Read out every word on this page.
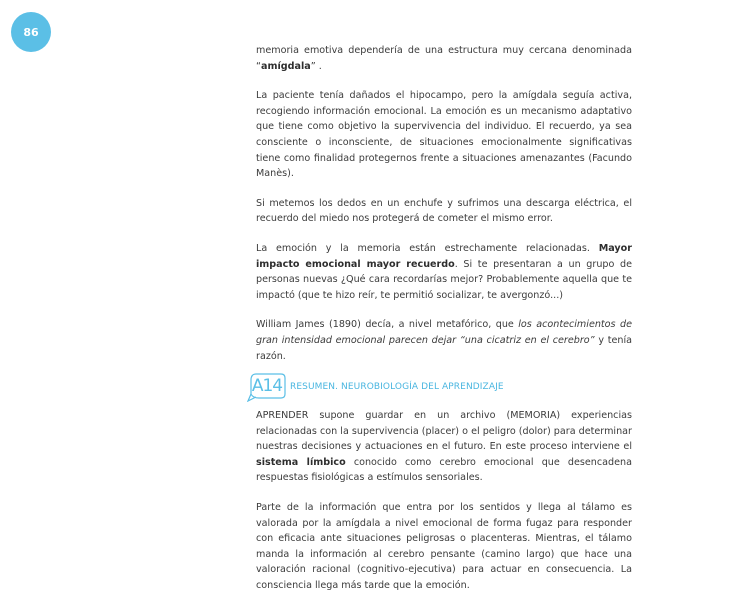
86

memoria emotiva dependería de una estructura muy cercana denominada “amígdala” .

La paciente tenía dañados el hipocampo, pero la amígdala seguía activa, recogiendo información emocional. La emoción es un mecanismo adaptativo que tiene como objetivo la supervivencia del individuo. El recuerdo, ya sea consciente o inconsciente, de situaciones emocionalmente significativas tiene como finalidad protegernos frente a situaciones amenazantes (Facundo Manès).

Si metemos los dedos en un enchufe y sufrimos una descarga eléctrica, el recuerdo del miedo nos protegerá de cometer el mismo error.

La emoción y la memoria están estrechamente relacionadas. Mayor impacto emocional mayor recuerdo. Si te presentaran a un grupo de personas nuevas ¿Qué cara recordarías mejor? Probablemente aquella que te impactó (que te hizo reír, te permitió socializar, te avergonzó...)

William James (1890) decía, a nivel metafórico, que los acontecimientos de gran intensidad emocional parecen dejar “una cicatriz en el cerebro” y tenía razón.

A14 RESUMEN. NEUROBIOLOGÍA DEL APRENDIZAJE

APRENDER supone guardar en un archivo (MEMORIA) experiencias relacionadas con la supervivencia (placer) o el peligro (dolor) para determinar nuestras decisiones y actuaciones en el futuro. En este proceso interviene el sistema límbico conocido como cerebro emocional que desencadena respuestas fisiológicas a estímulos sensoriales.

Parte de la información que entra por los sentidos y llega al tálamo es valorada por la amígdala a nivel emocional de forma fugaz para responder con eficacia ante situaciones peligrosas o placenteras. Mientras, el tálamo manda la información al cerebro pensante (camino largo) que hace una valoración racional (cognitivo-ejecutiva) para actuar en consecuencia. La consciencia llega más tarde que la emoción.
